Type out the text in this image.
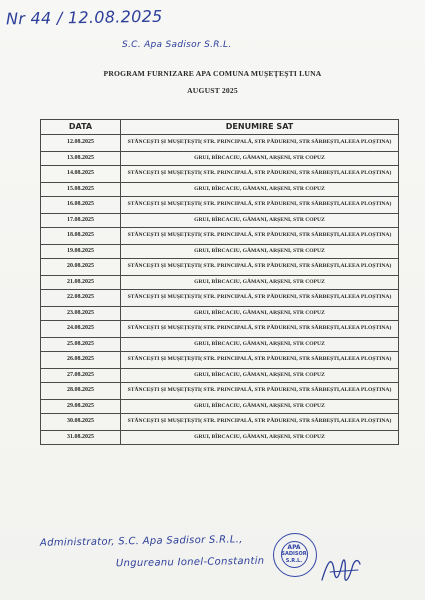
Nr 44 / 12.08.2025
S.C. Apa Sadisor S.R.L.
PROGRAM FURNIZARE APA COMUNA MUȘEȚEȘTI LUNA
AUGUST 2025
DATA	DENUMIRE SAT
12.08.2025	STĂNCEȘTI ȘI MUȘEȚEȘTI( STR. PRINCIPALĂ, STR PĂDURENI, STR SĂRBEȘTI,ALEEA PLOȘTINA)
13.08.2025	GRUI, BÎRCACIU, GĂMANI, ARȘENI, STR COPUZ
14.08.2025	STĂNCEȘTI ȘI MUȘEȚEȘTI( STR. PRINCIPALĂ, STR PĂDURENI, STR SĂRBEȘTI,ALEEA PLOȘTINA)
15.08.2025	GRUI, BÎRCACIU, GĂMANI, ARȘENI, STR COPUZ
16.08.2025	STĂNCEȘTI ȘI MUȘEȚEȘTI( STR. PRINCIPALĂ, STR PĂDURENI, STR SĂRBEȘTI,ALEEA PLOȘTINA)
17.08.2025	GRUI, BÎRCACIU, GĂMANI, ARȘENI, STR COPUZ
18.08.2025	STĂNCEȘTI ȘI MUȘEȚEȘTI( STR. PRINCIPALĂ, STR PĂDURENI, STR SĂRBEȘTI,ALEEA PLOȘTINA)
19.08.2025	GRUI, BÎRCACIU, GĂMANI, ARȘENI, STR COPUZ
20.08.2025	STĂNCEȘTI ȘI MUȘEȚEȘTI( STR. PRINCIPALĂ, STR PĂDURENI, STR SĂRBEȘTI,ALEEA PLOȘTINA)
21.08.2025	GRUI, BÎRCACIU, GĂMANI, ARȘENI, STR COPUZ
22.08.2025	STĂNCEȘTI ȘI MUȘEȚEȘTI( STR. PRINCIPALĂ, STR PĂDURENI, STR SĂRBEȘTI,ALEEA PLOȘTINA)
23.08.2025	GRUI, BÎRCACIU, GĂMANI, ARȘENI, STR COPUZ
24.08.2025	STĂNCEȘTI ȘI MUȘEȚEȘTI( STR. PRINCIPALĂ, STR PĂDURENI, STR SĂRBEȘTI,ALEEA PLOȘTINA)
25.08.2025	GRUI, BÎRCACIU, GĂMANI, ARȘENI, STR COPUZ
26.08.2025	STĂNCEȘTI ȘI MUȘEȚEȘTI( STR. PRINCIPALĂ, STR PĂDURENI, STR SĂRBEȘTI,ALEEA PLOȘTINA)
27.08.2025	GRUI, BÎRCACIU, GĂMANI, ARȘENI, STR COPUZ
28.08.2025	STĂNCEȘTI ȘI MUȘEȚEȘTI( STR. PRINCIPALĂ, STR PĂDURENI, STR SĂRBEȘTI,ALEEA PLOȘTINA)
29.08.2025	GRUI, BÎRCACIU, GĂMANI, ARȘENI, STR COPUZ
30.08.2025	STĂNCEȘTI ȘI MUȘEȚEȘTI( STR. PRINCIPALĂ, STR PĂDURENI, STR SĂRBEȘTI,ALEEA PLOȘTINA)
31.08.2025	GRUI, BÎRCACIU, GĂMANI, ARȘENI, STR COPUZ
Administrator, S.C. Apa Sadisor S.R.L.,
Ungureanu Ionel-Constantin
APA
SADISOR
S.R.L.
